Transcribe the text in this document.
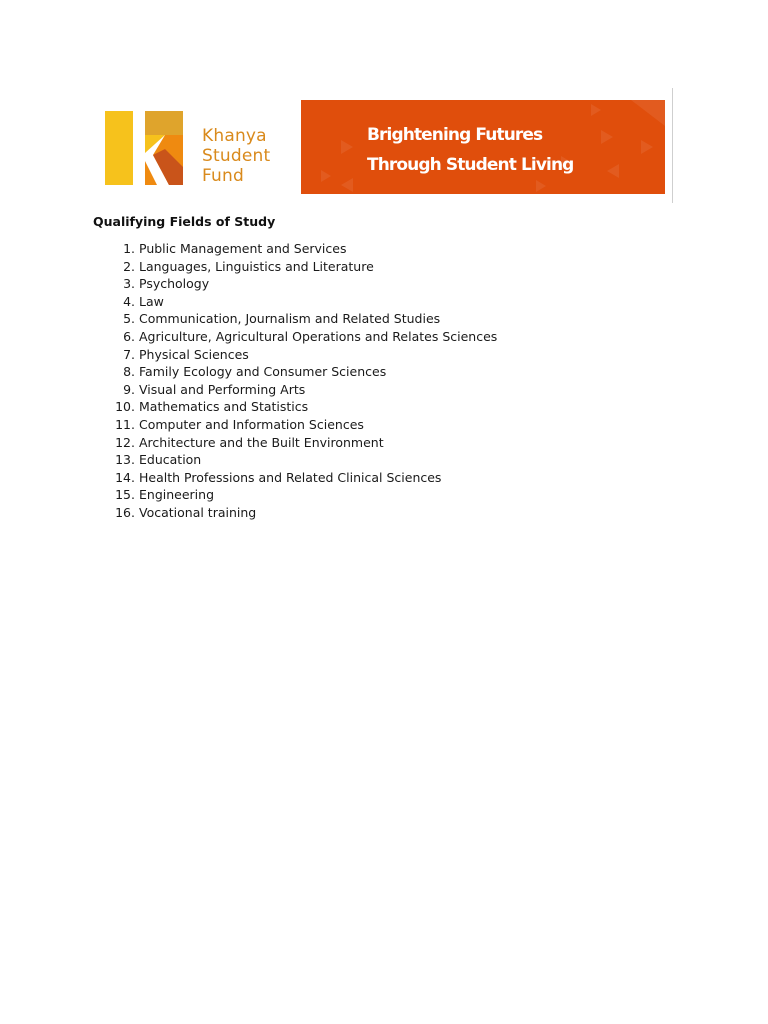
Khanya
Student
Fund
Brightening Futures
Through Student Living
Qualifying Fields of Study
1. Public Management and Services
2. Languages, Linguistics and Literature
3. Psychology
4. Law
5. Communication, Journalism and Related Studies
6. Agriculture, Agricultural Operations and Relates Sciences
7. Physical Sciences
8. Family Ecology and Consumer Sciences
9. Visual and Performing Arts
10. Mathematics and Statistics
11. Computer and Information Sciences
12. Architecture and the Built Environment
13. Education
14. Health Professions and Related Clinical Sciences
15. Engineering
16. Vocational training
